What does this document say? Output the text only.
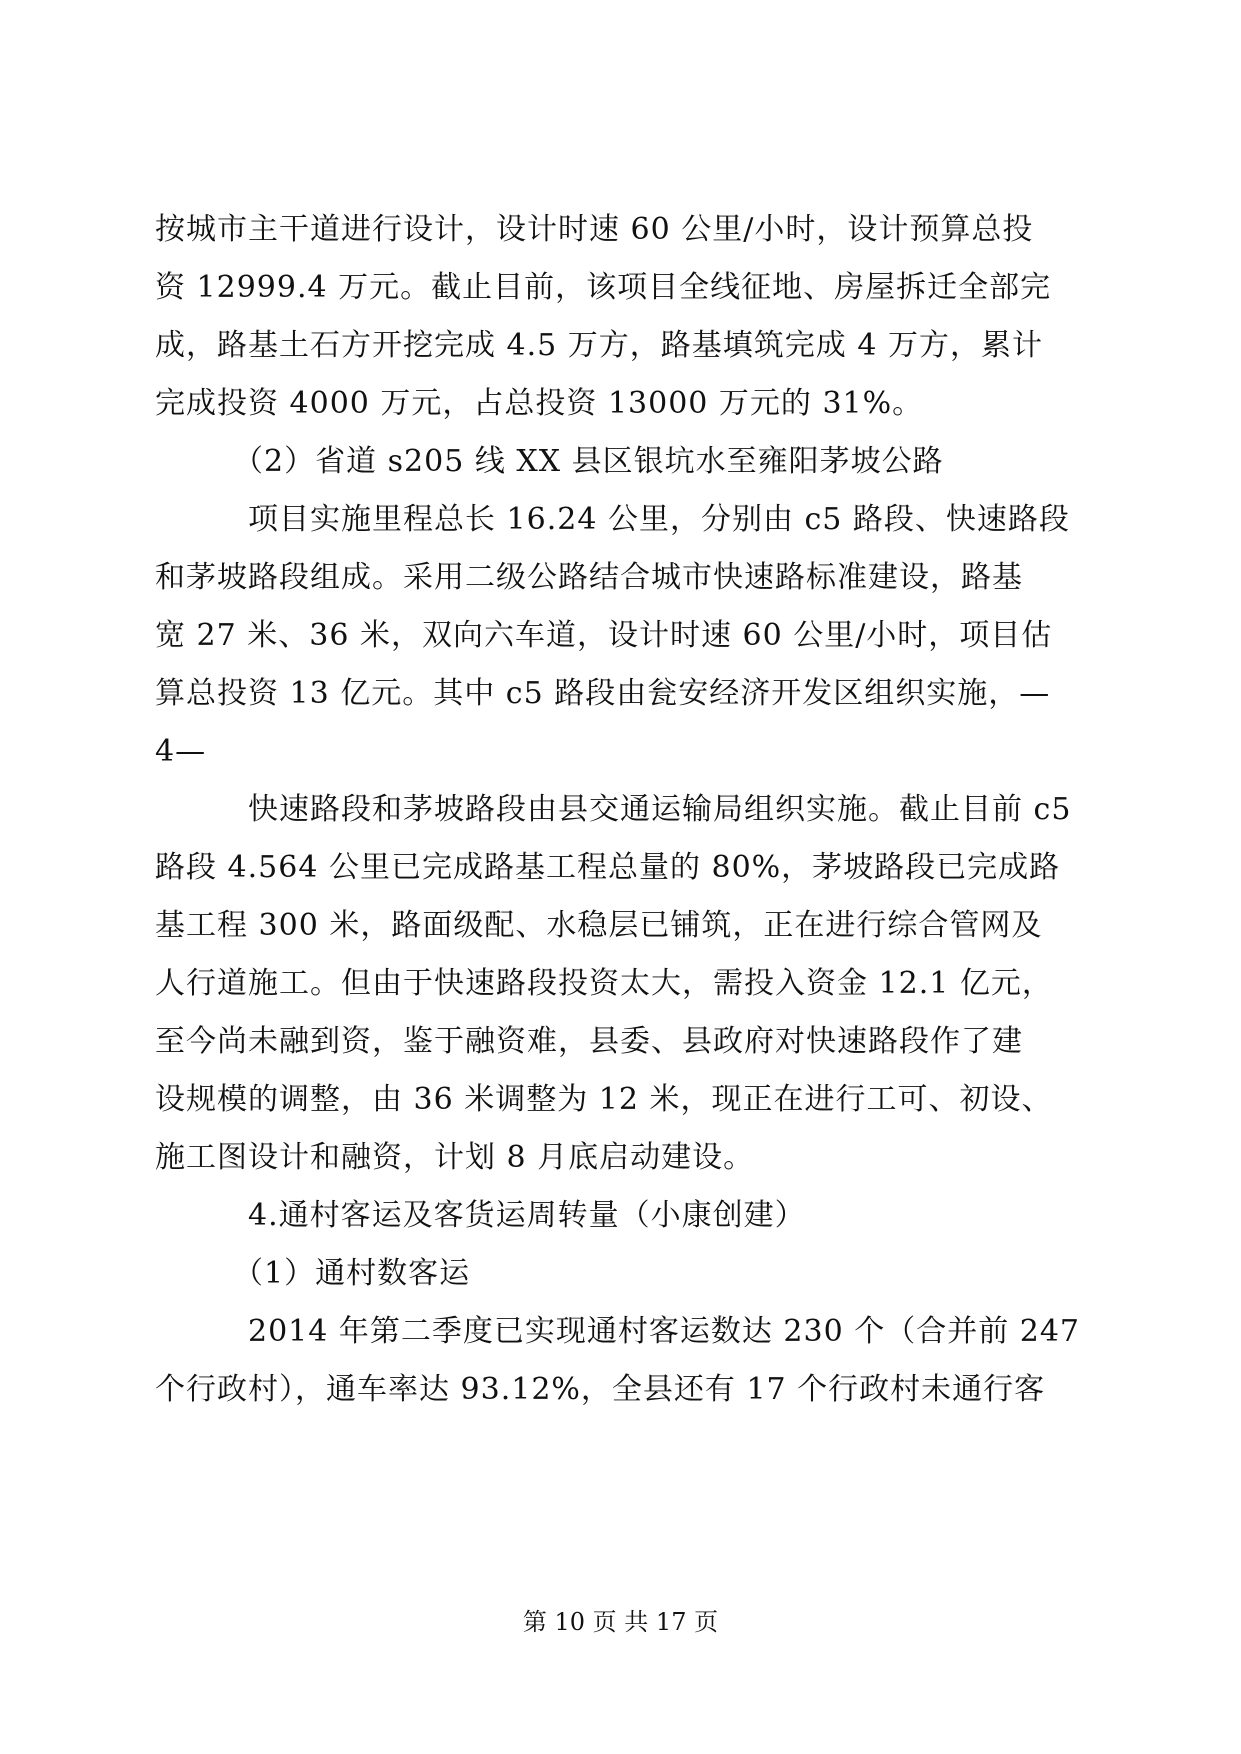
按城市主干道进行设计，设计时速 60 公里/小时，设计预算总投
资 12999.4 万元。截止目前，该项目全线征地、房屋拆迁全部完
成，路基土石方开挖完成 4.5 万方，路基填筑完成 4 万方，累计
完成投资 4000 万元，占总投资 13000 万元的 31%。
（2）省道 s205 线 XX 县区银坑水至雍阳茅坡公路
项目实施里程总长 16.24 公里，分别由 c5 路段、快速路段
和茅坡路段组成。采用二级公路结合城市快速路标准建设，路基
宽 27 米、36 米，双向六车道，设计时速 60 公里/小时，项目估
算总投资 13 亿元。其中 c5 路段由瓮安经济开发区组织实施，—
4—
快速路段和茅坡路段由县交通运输局组织实施。截止目前 c5
路段 4.564 公里已完成路基工程总量的 80%，茅坡路段已完成路
基工程 300 米，路面级配、水稳层已铺筑，正在进行综合管网及
人行道施工。但由于快速路段投资太大，需投入资金 12.1 亿元，
至今尚未融到资，鉴于融资难，县委、县政府对快速路段作了建
设规模的调整，由 36 米调整为 12 米，现正在进行工可、初设、
施工图设计和融资，计划 8 月底启动建设。
4.通村客运及客货运周转量（小康创建）
（1）通村数客运
2014 年第二季度已实现通村客运数达 230 个（合并前 247
个行政村），通车率达 93.12%，全县还有 17 个行政村未通行客
第 10 页 共 17 页
